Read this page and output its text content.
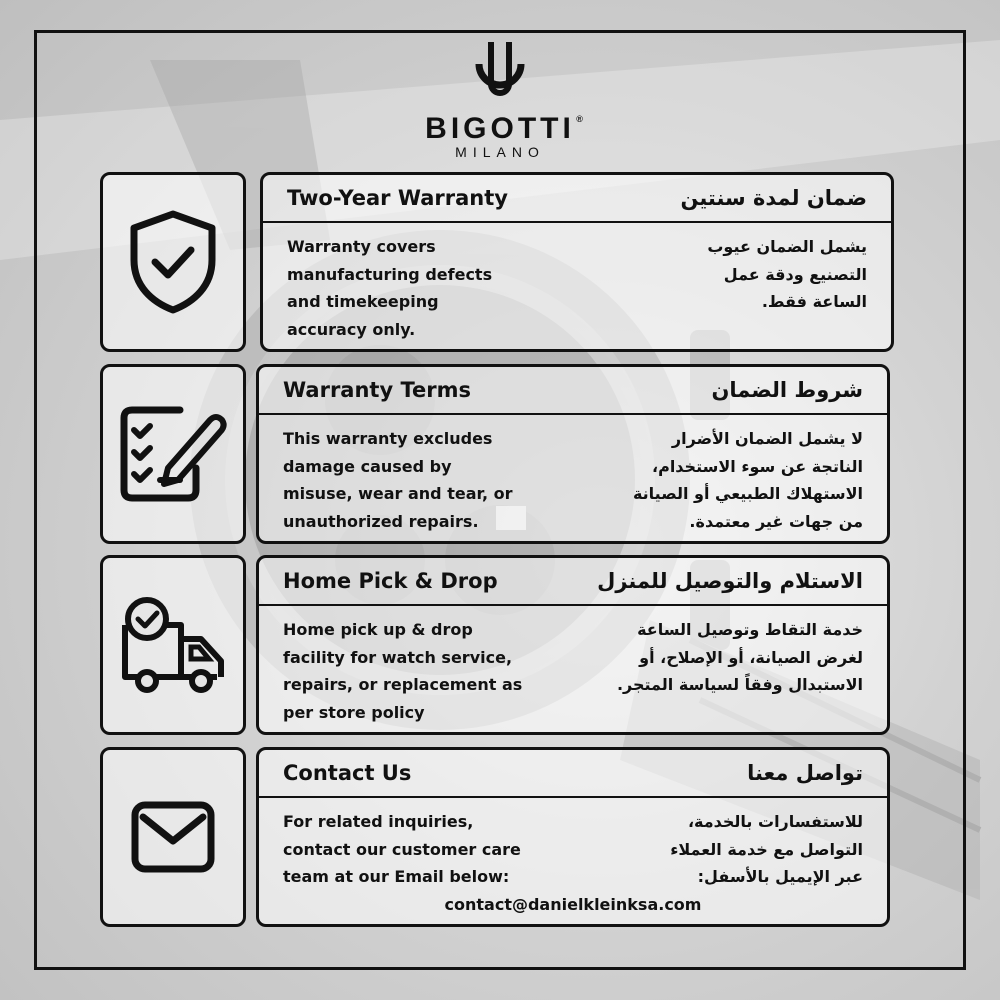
BIGOTTI ®
MILANO
Two-Year Warranty	ضمان لمدة سنتين
Warranty covers
manufacturing defects
and timekeeping
accuracy only.
يشمل الضمان عيوب
التصنيع ودقة عمل
الساعة فقط.
Warranty Terms	شروط الضمان
This warranty excludes
damage caused by
misuse, wear and tear, or
unauthorized repairs.
لا يشمل الضمان الأضرار
الناتجة عن سوء الاستخدام،
الاستهلاك الطبيعي أو الصيانة
من جهات غير معتمدة.
Home Pick & Drop	الاستلام والتوصيل للمنزل
Home pick up & drop
facility for watch service,
repairs, or replacement as
per store policy
خدمة التقاط وتوصيل الساعة
لغرض الصيانة، أو الإصلاح، أو
الاستبدال وفقاً لسياسة المتجر.
Contact Us	تواصل معنا
For related inquiries,
contact our customer care
team at our Email below:
للاستفسارات بالخدمة،
التواصل مع خدمة العملاء
عبر الإيميل بالأسفل:
contact@danielkleinksa.com
